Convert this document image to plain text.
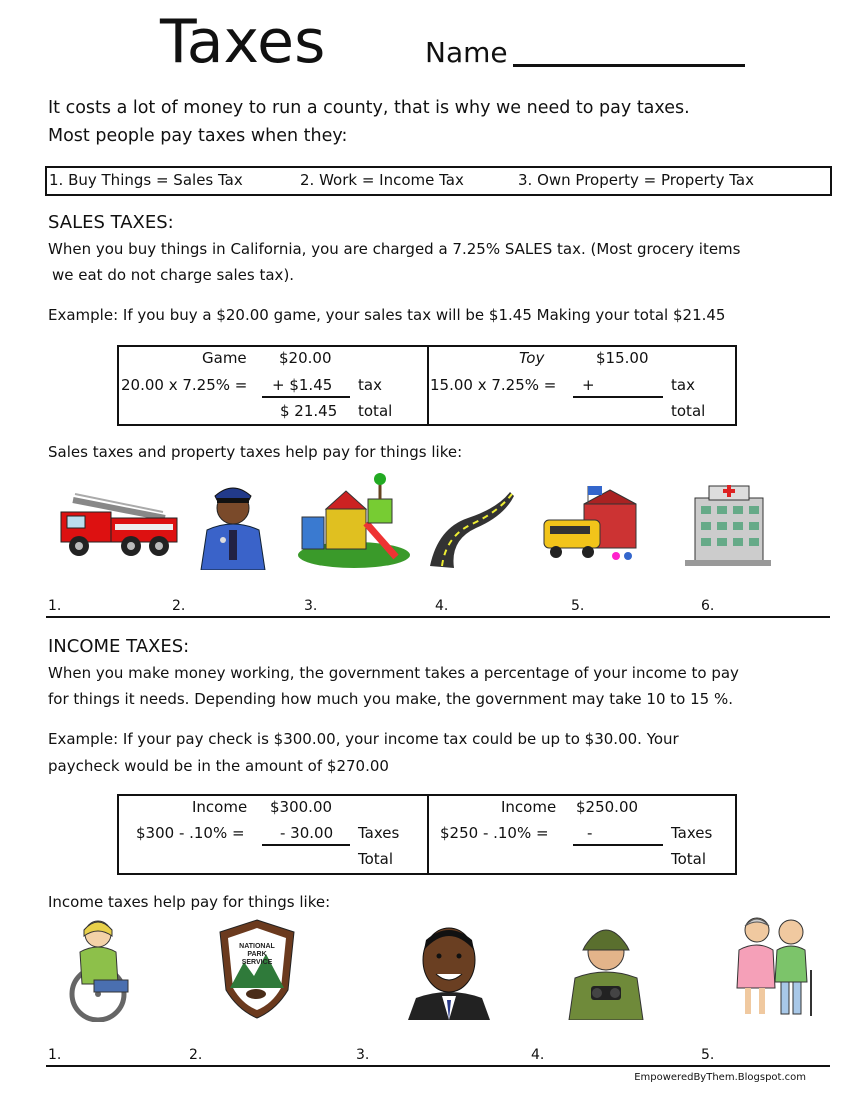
Taxes	Name
It costs a lot of money to run a county, that is why we need to pay taxes.
Most people pay taxes when they:
1. Buy Things = Sales Tax	2. Work = Income Tax	3. Own Property = Property Tax
SALES TAXES:
When you buy things in California, you are charged a 7.25% SALES tax. (Most grocery items
we eat do not charge sales tax).
Example: If you buy a $20.00 game, your sales tax will be $1.45 Making your total $21.45
Game $20.00
20.00 x 7.25% = + $1.45 tax
$ 21.45 total
Toy	$15.00
15.00 x 7.25% = +	tax
total
Sales taxes and property taxes help pay for things like:
1.	2.	3.	4.	5.	6.
INCOME TAXES:
When you make money working, the government takes a percentage of your income to pay
for things it needs. Depending how much you make, the government may take 10 to 15 %.
Example: If your pay check is $300.00, your income tax could be up to $30.00. Your
paycheck would be in the amount of $270.00
Income $300.00
$300 - .10% = - 30.00 Taxes
Total
Income $250.00
$250 - .10% =	-	Taxes
Total
Income taxes help pay for things like:
NATIONAL
PARK
SERVICE
1.	2.	3.	4.	5.
EmpoweredByThem.Blogspot.com
